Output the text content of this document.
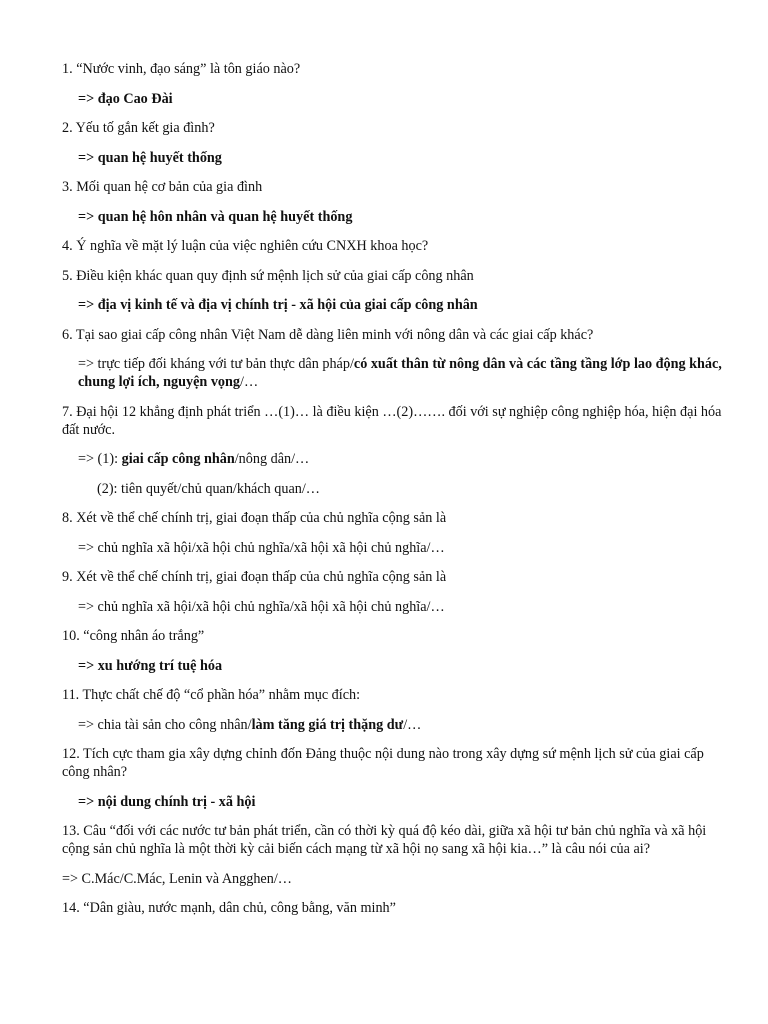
1. “Nước vinh, đạo sáng” là tôn giáo nào?

=> đạo Cao Đài

2. Yếu tố gắn kết gia đình?

=> quan hệ huyết thống

3. Mối quan hệ cơ bản của gia đình

=> quan hệ hôn nhân và quan hệ huyết thống

4. Ý nghĩa về mặt lý luận của việc nghiên cứu CNXH khoa học?

5. Điều kiện khác quan quy định sứ mệnh lịch sử của giai cấp công nhân

=> địa vị kinh tế và địa vị chính trị - xã hội của giai cấp công nhân

6. Tại sao giai cấp công nhân Việt Nam dễ dàng liên minh với nông dân và các giai cấp khác?

=> trực tiếp đối kháng với tư bản thực dân pháp/có xuất thân từ nông dân và các tầng tầng lớp lao động khác, chung lợi ích, nguyện vọng/…

7. Đại hội 12 khẳng định phát triển …(1)… là điều kiện …(2)……. đối với sự nghiệp công nghiệp hóa, hiện đại hóa đất nước.

=> (1): giai cấp công nhân/nông dân/…

(2): tiên quyết/chủ quan/khách quan/…

8. Xét về thể chế chính trị, giai đoạn thấp của chủ nghĩa cộng sản là

=> chủ nghĩa xã hội/xã hội chủ nghĩa/xã hội xã hội chủ nghĩa/…

9. Xét về thể chế chính trị, giai đoạn thấp của chủ nghĩa cộng sản là

=> chủ nghĩa xã hội/xã hội chủ nghĩa/xã hội xã hội chủ nghĩa/…

10. “công nhân áo trắng”

=> xu hướng trí tuệ hóa

11. Thực chất chế độ “cổ phần hóa” nhằm mục đích:

=> chia tài sản cho công nhân/làm tăng giá trị thặng dư/…

12. Tích cực tham gia xây dựng chỉnh đốn Đảng thuộc nội dung nào trong xây dựng sứ mệnh lịch sử của giai cấp công nhân?

=> nội dung chính trị - xã hội

13. Câu “đối với các nước tư bản phát triển, cần có thời kỳ quá độ kéo dài, giữa xã hội tư bản chủ nghĩa và xã hội cộng sản chủ nghĩa là một thời kỳ cải biến cách mạng từ xã hội nọ sang xã hội kia…” là câu nói của ai?

=> C.Mác/C.Mác, Lenin và Angghen/…

14. “Dân giàu, nước mạnh, dân chủ, công bằng, văn minh”
